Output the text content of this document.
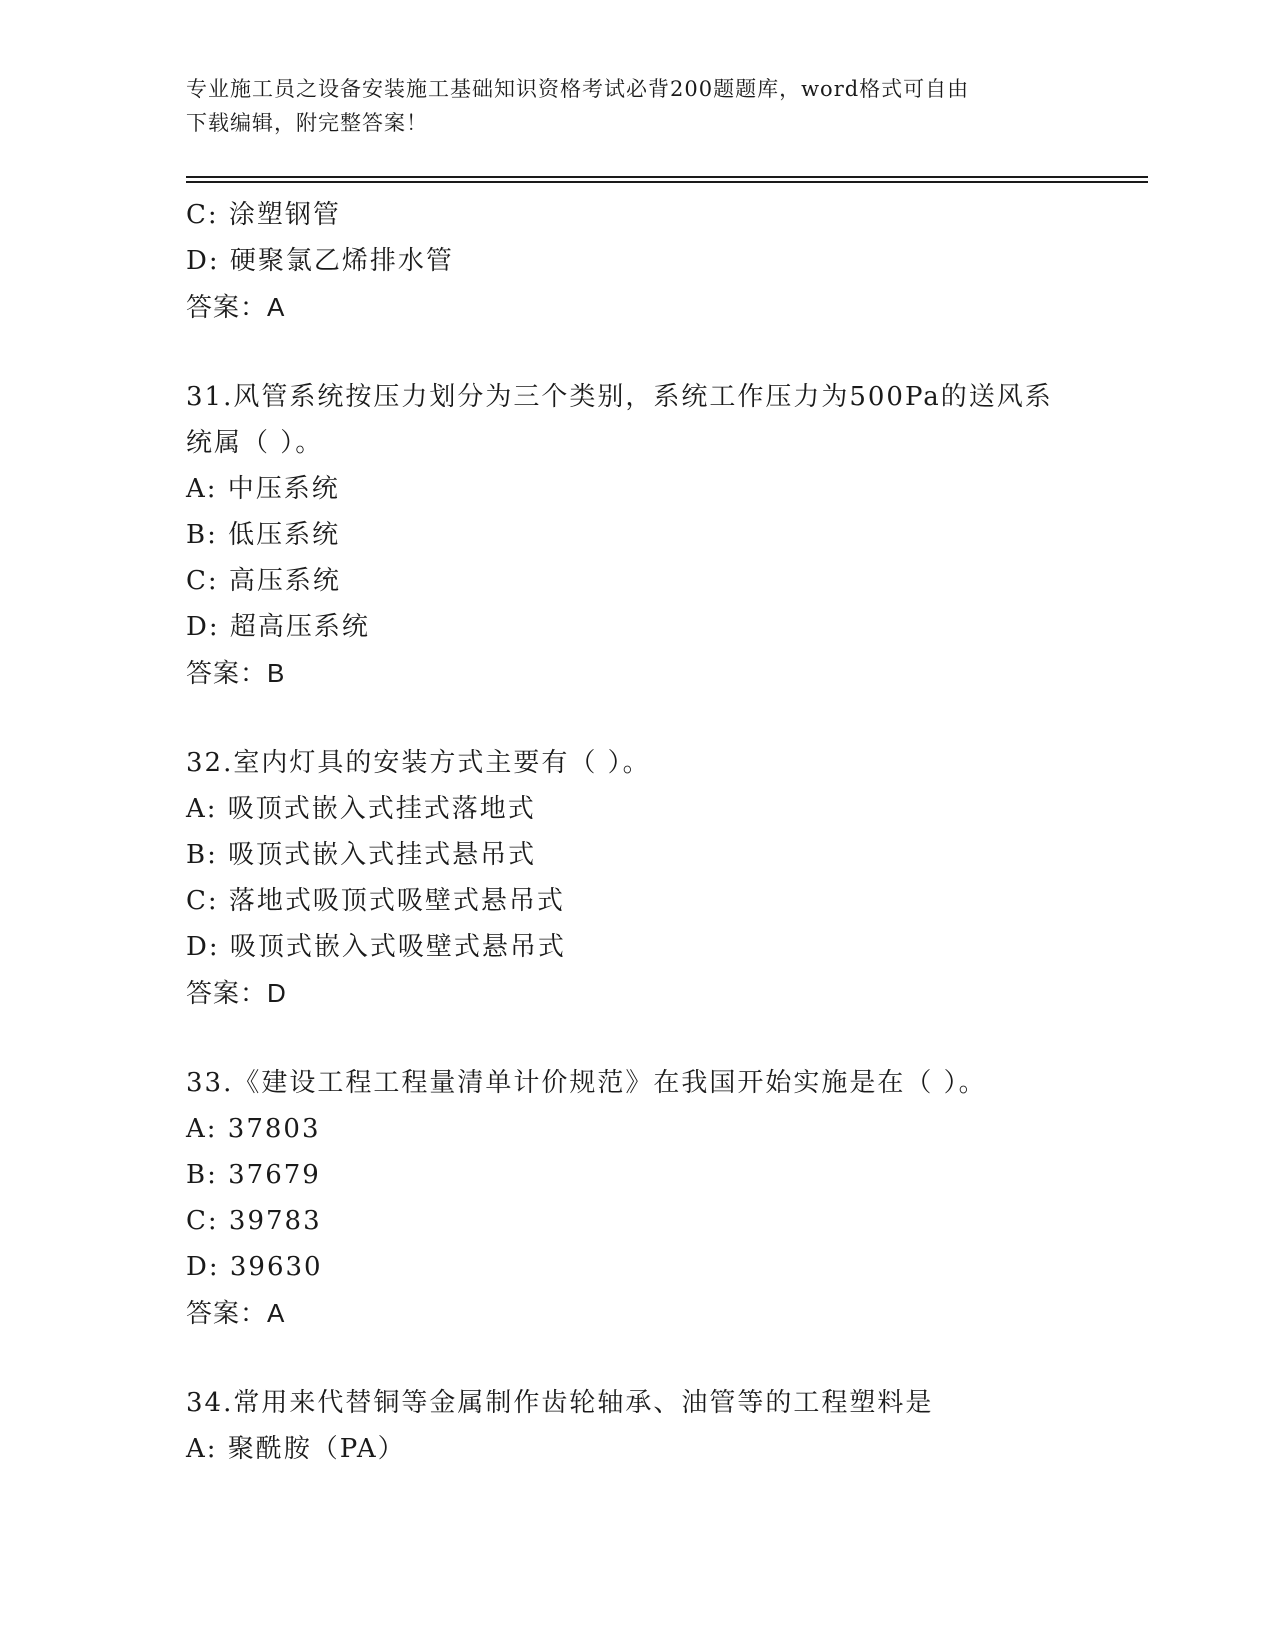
专业施工员之设备安装施工基础知识资格考试必背200题题库，word格式可自由
下载编辑，附完整答案！
C: 涂塑钢管
D: 硬聚氯乙烯排水管
答案：A
31.风管系统按压力划分为三个类别，系统工作压力为500Pa的送风系
统属（ ）。
A: 中压系统
B: 低压系统
C: 高压系统
D: 超高压系统
答案：B
32.室内灯具的安装方式主要有（ ）。
A: 吸顶式嵌入式挂式落地式
B: 吸顶式嵌入式挂式悬吊式
C: 落地式吸顶式吸壁式悬吊式
D: 吸顶式嵌入式吸壁式悬吊式
答案：D
33.《建设工程工程量清单计价规范》在我国开始实施是在（ ）。
A: 37803
B: 37679
C: 39783
D: 39630
答案：A
34.常用来代替铜等金属制作齿轮轴承、油管等的工程塑料是
A: 聚酰胺（PA）
